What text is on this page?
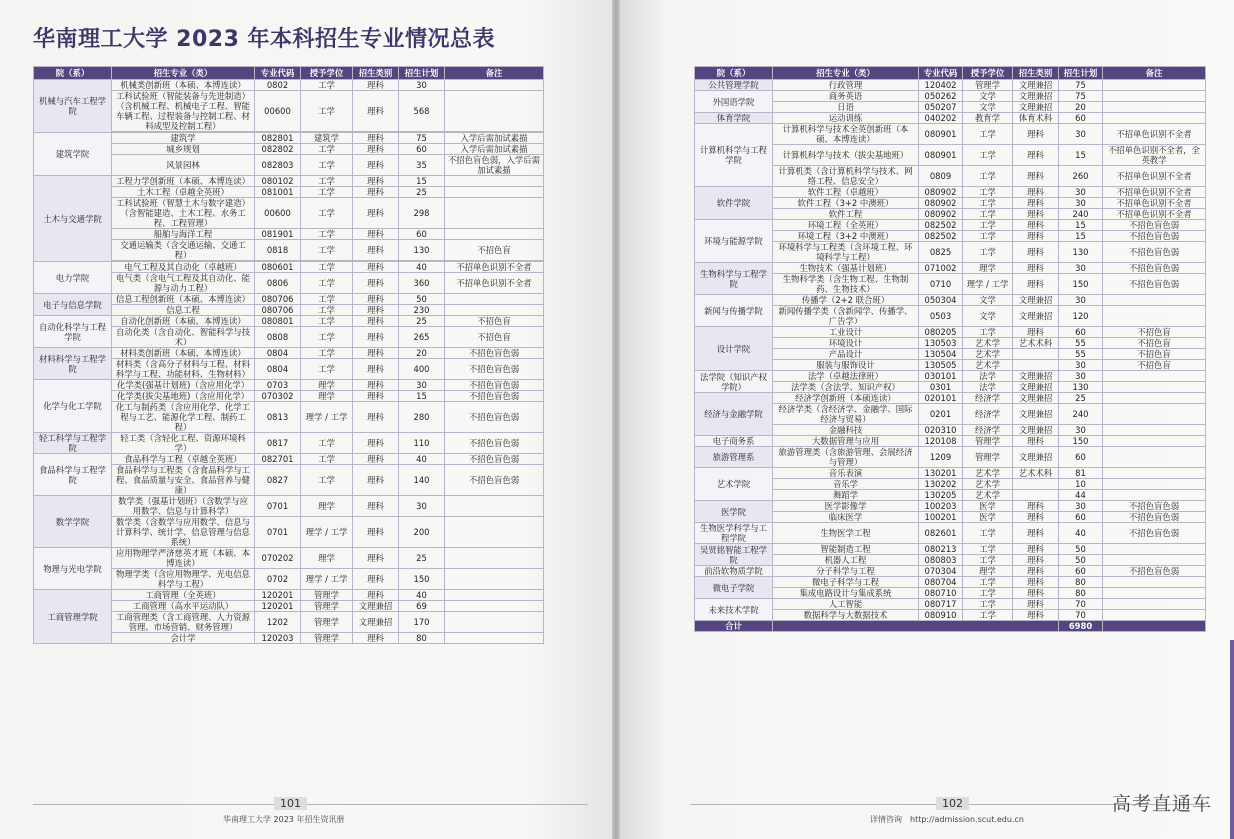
华南理工大学 2023 年本科招生专业情况总表
院（系）	招生专业（类）	专业代码	授予学位	招生类别	招生计划	备注
机械与汽车工程学院	机械类创新班（本硕、本博连读）	0802	工学	理科	30	
	工科试验班（智能装备与先进制造）（含机械工程、机械电子工程、智能车辆工程、过程装备与控制工程、材料成型及控制工程）	00600	工学	理科	568	

建筑学院	建筑学	082801	建筑学	理科	75	入学后需加试素描
	城乡规划	082802	工学	理科	60	入学后需加试素描
	风景园林	082803	工学	理科	35	不招色盲色弱，入学后需加试素描
土木与交通学院	工程力学创新班（本硕、本博连读）	080102	工学	理科	15	
	土木工程（卓越全英班）	081001	工学	理科	25	
	工科试验班（智慧土木与数字建造）（含智能建造、土木工程、水务工程、工程管理）	00600	工学	理科	298	
	船舶与海洋工程	081901	工学	理科	60	
	交通运输类（含交通运输、交通工程）	0818	工学	理科	130	不招色盲

电力学院	电气工程及其自动化（卓越班）	080601	工学	理科	40	不招单色识别不全者
	电气类（含电气工程及其自动化、能源与动力工程）	0806	工学	理科	360	不招单色识别不全者
电子与信息学院	信息工程创新班（本硕、本博连读）	080706	工学	理科	50	
	信息工程	080706	工学	理科	230	
自动化科学与工程学院	自动化创新班（本硕、本博连读）	080801	工学	理科	25	不招色盲
	自动化类（含自动化、智能科学与技术）	0808	工学	理科	265	不招色盲
材料科学与工程学院	材料类创新班（本硕、本博连读）	0804	工学	理科	20	不招色盲色弱
	材料类（含高分子材料与工程、材料科学与工程、功能材料、生物材料）	0804	工学	理科	400	不招色盲色弱
化学与化工学院	化学类(强基计划班)（含应用化学）	0703	理学	理科	30	不招色盲色弱
	化学类(拔尖基地班)（含应用化学）	070302	理学	理科	15	不招色盲色弱
	化工与制药类（含应用化学、化学工程与工艺、能源化学工程、制药工程）	0813	理学 / 工学	理科	280	不招色盲色弱
轻工科学与工程学院	轻工类（含轻化工程、资源环境科学）	0817	工学	理科	110	不招色盲色弱
食品科学与工程学院	食品科学与工程（卓越全英班）	082701	工学	理科	40	不招色盲色弱
	食品科学与工程类（含食品科学与工程、食品质量与安全、食品营养与健康）	0827	工学	理科	140	不招色盲色弱
数学学院	数学类（强基计划班）（含数学与应用数学、信息与计算科学）	0701	理学	理科	30	
	数学类（含数学与应用数学、信息与计算科学、统计学、信息管理与信息系统）	0701	理学 / 工学	理科	200	
物理与光电学院	应用物理学严济慈英才班（本硕、本博连读）	070202	理学	理科	25	
	物理学类（含应用物理学、光电信息科学与工程）	0702	理学 / 工学	理科	150	
工商管理学院	工商管理（全英班）	120201	管理学	理科	40	
	工商管理（高水平运动队）	120201	管理学	文理兼招	69	
	工商管理类（含工商管理、人力资源管理、市场营销、财务管理）	1202	管理学	文理兼招	170	
	会计学	120203	管理学	理科	80	
院（系）	招生专业（类）	专业代码	授予学位	招生类别	招生计划	备注
公共管理学院	行政管理	120402	管理学	文理兼招	75	
外国语学院	商务英语	050262	文学	文理兼招	75	
	日语	050207	文学	文理兼招	20	
体育学院	运动训练	040202	教育学	体育术科	60	
计算机科学与工程学院	计算机科学与技术全英创新班（本硕、本博连读）	080901	工学	理科	30	不招单色识别不全者
	计算机科学与技术（拔尖基地班）	080901	工学	理科	15	不招单色识别不全者，全英教学
	计算机类（含计算机科学与技术、网络工程、信息安全）	0809	工学	理科	260	不招单色识别不全者
软件学院	软件工程（卓越班）	080902	工学	理科	30	不招单色识别不全者
	软件工程（3+2 中澳班）	080902	工学	理科	30	不招单色识别不全者
	软件工程	080902	工学	理科	240	不招单色识别不全者
环境与能源学院	环境工程（全英班）	082502	工学	理科	15	不招色盲色弱
	环境工程（3+2 中澳班）	082502	工学	理科	15	不招色盲色弱
	环境科学与工程类（含环境工程、环境科学与工程）	0825	工学	理科	130	不招色盲色弱
生物科学与工程学院	生物技术（强基计划班）	071002	理学	理科	30	不招色盲色弱
	生物科学类（含生物工程、生物制药、生物技术）	0710	理学 / 工学	理科	150	不招色盲色弱
新闻与传播学院	传播学（2+2 联合班）	050304	文学	文理兼招	30	
	新闻传播学类（含新闻学、传播学、广告学）	0503	文学	文理兼招	120	
设计学院	工业设计	080205	工学	理科	60	不招色盲
	环境设计	130503	艺术学	艺术术科	55	不招色盲
	产品设计	130504	艺术学		55	不招色盲
	服装与服饰设计	130505	艺术学		30	不招色盲
法学院（知识产权学院）	法学（卓越法律班）	030101	法学	文理兼招	30	
	法学类（含法学、知识产权）	0301	法学	文理兼招	130	
经济与金融学院	经济学创新班（本硕连读）	020101	经济学	文理兼招	25	
	经济学类（含经济学、金融学、国际经济与贸易）	0201	经济学	文理兼招	240	
	金融科技	020310	经济学	文理兼招	30	
电子商务系	大数据管理与应用	120108	管理学	理科	150	
旅游管理系	旅游管理类（含旅游管理、会展经济与管理）	1209	管理学	文理兼招	60	
艺术学院	音乐表演	130201	艺术学	艺术术科	81	
	音乐学	130202	艺术学		10	
	舞蹈学	130205	艺术学		44	
医学院	医学影像学	100203	医学	理科	30	不招色盲色弱
	临床医学	100201	医学	理科	60	不招色盲色弱
生物医学科学与工程学院	生物医学工程	082601	工学	理科	40	不招色盲色弱
吴贤铭智能工程学院	智能制造工程	080213	工学	理科	50	
	机器人工程	080803	工学	理科	50	
前沿软物质学院	分子科学与工程	070304	理学	理科	60	不招色盲色弱
微电子学院	微电子科学与工程	080704	工学	理科	80	
	集成电路设计与集成系统	080710	工学	理科	80	
未来技术学院	人工智能	080717	工学	理科	70	
	数据科学与大数据技术	080910	工学	理科	70	
合计					6980	
101
华南理工大学 2023 年招生资讯册
102
详情咨询　http://admission.scut.edu.cn
高考直通车
